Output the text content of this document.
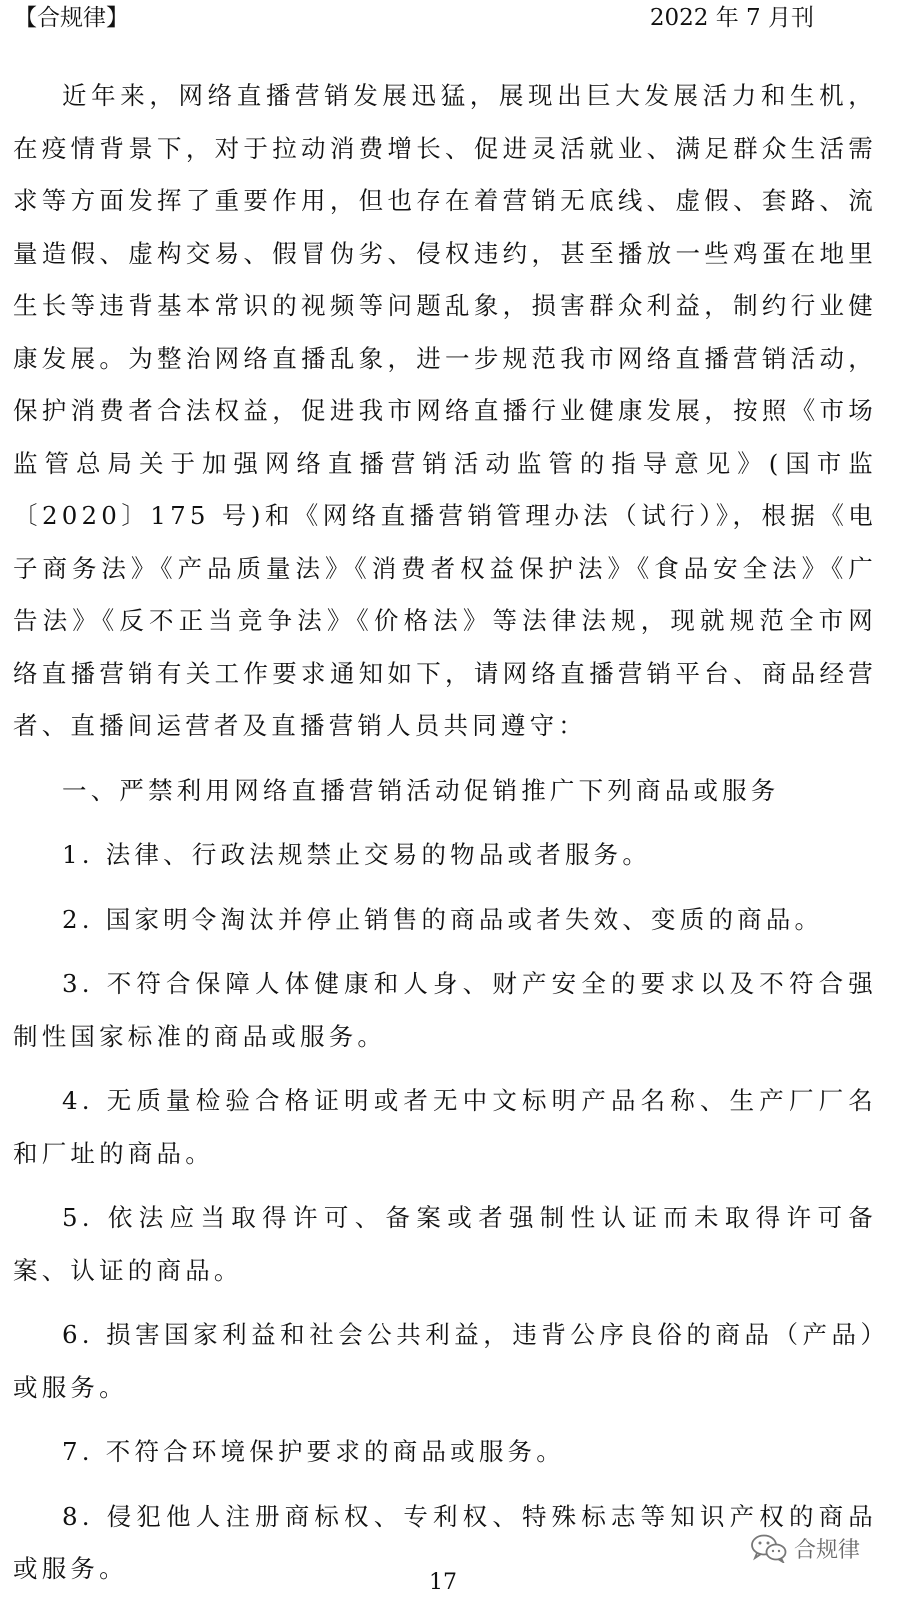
【合规律】	2022 年 7 月刊

近年来，网络直播营销发展迅猛，展现出巨大发展活力和生机，在疫情背景下，对于拉动消费增长、促进灵活就业、满足群众生活需求等方面发挥了重要作用，但也存在着营销无底线、虚假、套路、流量造假、虚构交易、假冒伪劣、侵权违约，甚至播放一些鸡蛋在地里生长等违背基本常识的视频等问题乱象，损害群众利益，制约行业健康发展。为整治网络直播乱象，进一步规范我市网络直播营销活动，保护消费者合法权益，促进我市网络直播行业健康发展，按照《市场监管总局关于加强网络直播营销活动监管的指导意见》(国市监〔2020〕175 号)和《网络直播营销管理办法（试行）》，根据《电子商务法》《产品质量法》《消费者权益保护法》《食品安全法》《广告法》《反不正当竞争法》《价格法》等法律法规，现就规范全市网络直播营销有关工作要求通知如下，请网络直播营销平台、商品经营者、直播间运营者及直播营销人员共同遵守：

一、严禁利用网络直播营销活动促销推广下列商品或服务

1. 法律、行政法规禁止交易的物品或者服务。

2. 国家明令淘汰并停止销售的商品或者失效、变质的商品。

3. 不符合保障人体健康和人身、财产安全的要求以及不符合强制性国家标准的商品或服务。

4. 无质量检验合格证明或者无中文标明产品名称、生产厂厂名和厂址的商品。

5. 依法应当取得许可、备案或者强制性认证而未取得许可备案、认证的商品。

6. 损害国家利益和社会公共利益，违背公序良俗的商品（产品）或服务。

7. 不符合环境保护要求的商品或服务。

8. 侵犯他人注册商标权、专利权、特殊标志等知识产权的商品或服务。

合规律
17
